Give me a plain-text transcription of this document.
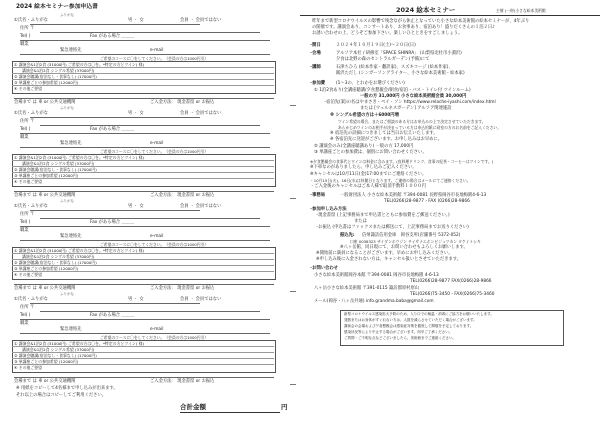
2024 絵本セミナー参加申込書
ふりがな
①氏名・ふりがな	男 ・ 女	会員 ・ 会員ではない
住所 〒
Tel( )	Fax がある場合 ＿＿＿
職業
緊急連絡先	e-mail
ご希望のコースに〇をしてください。（会員の方は1000円引）
① 講演会&1泊2食 (31000円) ご希望の方は〇を。*特定の方とツイン( 様)
講演会&1泊2食 シングル希望 (37000円)
② 講演会聴講(宿泊なし・食事なし) (17000円)
③ 単講座ごとの参加希望 (12000円)
④ その他ご要望
会場まで は 車 or 公共交通機関	ご入金方法： 現金書留 or お振込
ふりがな
①氏名・ふりがな	男 ・ 女	会員 ・ 会員ではない
住所 〒
Tel( )	Fax がある場合 ＿＿＿
職業
緊急連絡先	e-mail
ご希望のコースに〇をしてください。（会員の方は1000円引）
① 講演会&1泊2食 (31000円) ご希望の方は〇を。*特定の方とツイン( 様)
講演会&1泊2食 シングル希望 (37000円)
② 講演会聴講(宿泊なし・食事なし) (17000円)
③ 単講座ごとの参加希望 (12000円)
④ その他ご要望
会場まで は 車 or 公共交通機関	ご入金方法： 現金書留 or お振込
ふりがな
①氏名・ふりがな	男 ・ 女	会員 ・ 会員ではない
住所 〒
Tel( )	Fax がある場合 ＿＿＿
職業
緊急連絡先	e-mail
ご希望のコースに〇をしてください。（会員の方は1000円引）
① 講演会&1泊2食 (31000円) ご希望の方は〇を。*特定の方とツイン( 様)
講演会&1泊2食 シングル希望 (37000円)
② 講演会聴講(宿泊なし・食事なし) (17000円)
③ 単講座ごとの参加希望 (12000円)
④ その他ご要望
会場まで は 車 or 公共交通機関	ご入金方法： 現金書留 or お振込
ふりがな
①氏名・ふりがな	男 ・ 女	会員 ・ 会員ではない
住所 〒
Tel( )	Fax がある場合 ＿＿＿
職業
緊急連絡先	e-mail
ご希望のコースに〇をしてください。（会員の方は1000円引）
① 講演会&1泊2食 (31000円) ご希望の方は〇を。*特定の方とツイン( 様)
講演会&1泊2食 シングル希望 (37000円)
② 講演会聴講(宿泊なし・食事なし) (17000円)
③ 単講座ごとの参加希望 (12000円)
④ その他ご要望
会場まで は 車 or 公共交通機関	ご入金方法： 現金書留 or お振込
※ 用紙をコピーして4名様まで申し込みが出来ます。
それ以上の場合はコピーしてご利用ください。
合計金額	円
2024 絵本セミナー	主催 (一財)小さな絵本美術館
昨年まで新型コロナウイルスの影響で残念ながら休止となっていた小さな絵本美術館の絵本セミナーが、4年ぶり
の開催です。講演会あり、コンサートあり、お食事あり、宿泊あり！盛りだくさんの１泊２日♪
お誘い合わせの上、どうぞご参加下さい。楽しいひとときをすごしましょう。
･開日	２０２４年１０月１９日(土)～２０日(日)
･会場	アルソア本社 / 研修室「SPACE SHINRA」 (山梨県北杜市小淵沢)
夕食は北野の森のセントラルガーデン(予備)にて
･講師	石津ちひろ (絵本作家・翻訳家)、スズキコージ (絵本作家)、
飯沢ただし (シンガーソングライター、小さな絵本美術館・絵本家)
･参加費	(1～3の、とれかをお選びください)
① 1泊2食あり(全講座聴講/夕食懇親会/朝食/宿泊・バス・トイレ付 ツインルーム)
一般の方 31,000円 小さな絵本美術館会員 30,000円
･宿泊先(案)の名はやまさき・ペイ・ソン https://www.relache-iyashi.com/index.html
または [ウェルネスガーデン] アルソア関連施設
※ シングル希望の方は＋6000円増
ツイン希望の場合、またはご相談のある方はお申込みの上で決定させていただきます。
あらかじめツインのお相手が決まっている方は申込用紙に同室の方のお名前をご記入ください。
※ 宿泊先の詳細につきましては当日お伝えいたします。
※ 各宿泊先に送迎がございます。お申し込みはお早めに。
② 講演会のみ(全講座聴講あり) 一般の方 17,000円
③ 単講座ごとの参加費は、個別にお問い合わせください。
※夕食懇親会の食事代とワインは料金に含みます。(夜料理ドリンク、食事の紀茶・コーヒーはツインです。)
※下車なのがありましたら、申し込みご記入ください。
※キャンセルは10月11日(金)17:00までにご連絡ください。
・10月15日(火)、16日(水)は休館日となります。ご連絡の場合はメールにてご連絡ください。
・ご入金後のキャンセルはご本人様で取消手数料１０００円
･事務局	一般財団法人 小さな絵本美術館 〒394-0081 長野県岡谷市長地梅園4-6-13
TEL(0266)28-9877・FAX (0266)28-9866
･参加申し込み方法
･現金書留 (上記事務局まで申込書とともに参加費をご郵送ください。)
または
･お振込 (申込書はファックスまたは郵送にて、上記事務局までお送りください)
振込先: 信州諏訪信用金庫　岡谷支所(店舗番号 5372-052)
口座 0036323 ザイダンホウジン チイサナエホンビジュツカン タケイトシキ
※八ヶ岳館、同日現にて、お問い合わせもよろしくお願いします。
※開始前に満員になることがございます。早めにお申し込みください。
※申し込み後に入金されない方は、キャンセル扱いとさせていただきます。
･お問い合わせ
小さな絵本美術館岡谷本館 〒394-0081 岡谷市長地梅園 4-6-13
TEL(0266)28-9877 FAX(0266)28-9866
八ヶ岳小さな絵本美術館 〒391-0115 諏訪郡原村原山
TEL(0266)75-3450・FAX(0266)75-3460
メール(岡谷・八ヶ岳共通) info.grandma.baba@gmail.com
新型コロナウイルス感染拡大予防のため、入り口での検温・消毒にご協力をお願いいたします。
発熱またはお身体がすぐれない方は、人数を減らさせていただく場合がございます。
講演会の会場および夕食懇親会は感染症対策を徹底して開催を予定しております。
感染状況等により中止する場合がございます。何卒ご了承ください。
ご質問・ご不明な点などございましたら、美術館までご連絡ください。
